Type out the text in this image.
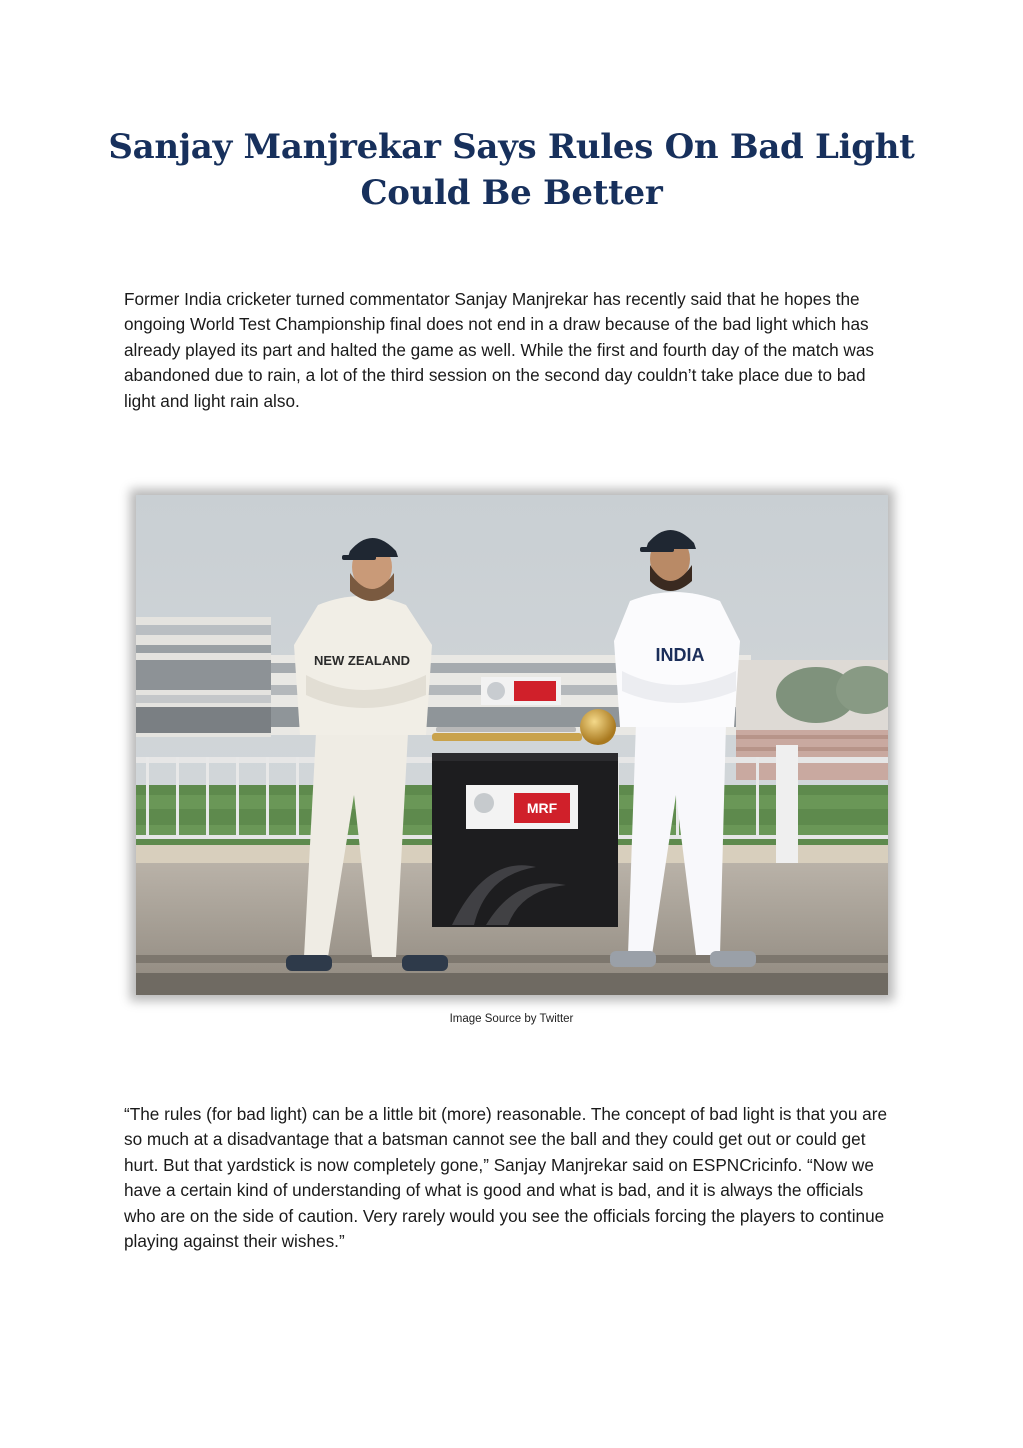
Sanjay Manjrekar Says Rules On Bad Light Could Be Better

Former India cricketer turned commentator Sanjay Manjrekar has recently said that he hopes the ongoing World Test Championship final does not end in a draw because of the bad light which has already played its part and halted the game as well. While the first and fourth day of the match was abandoned due to rain, a lot of the third session on the second day couldn’t take place due to bad light and light rain also.

MRF
NEW ZEALAND	INDIA

Image Source by Twitter

“The rules (for bad light) can be a little bit (more) reasonable. The concept of bad light is that you are so much at a disadvantage that a batsman cannot see the ball and they could get out or could get hurt. But that yardstick is now completely gone,” Sanjay Manjrekar said on ESPNCricinfo. “Now we have a certain kind of understanding of what is good and what is bad, and it is always the officials who are on the side of caution. Very rarely would you see the officials forcing the players to continue playing against their wishes.”
